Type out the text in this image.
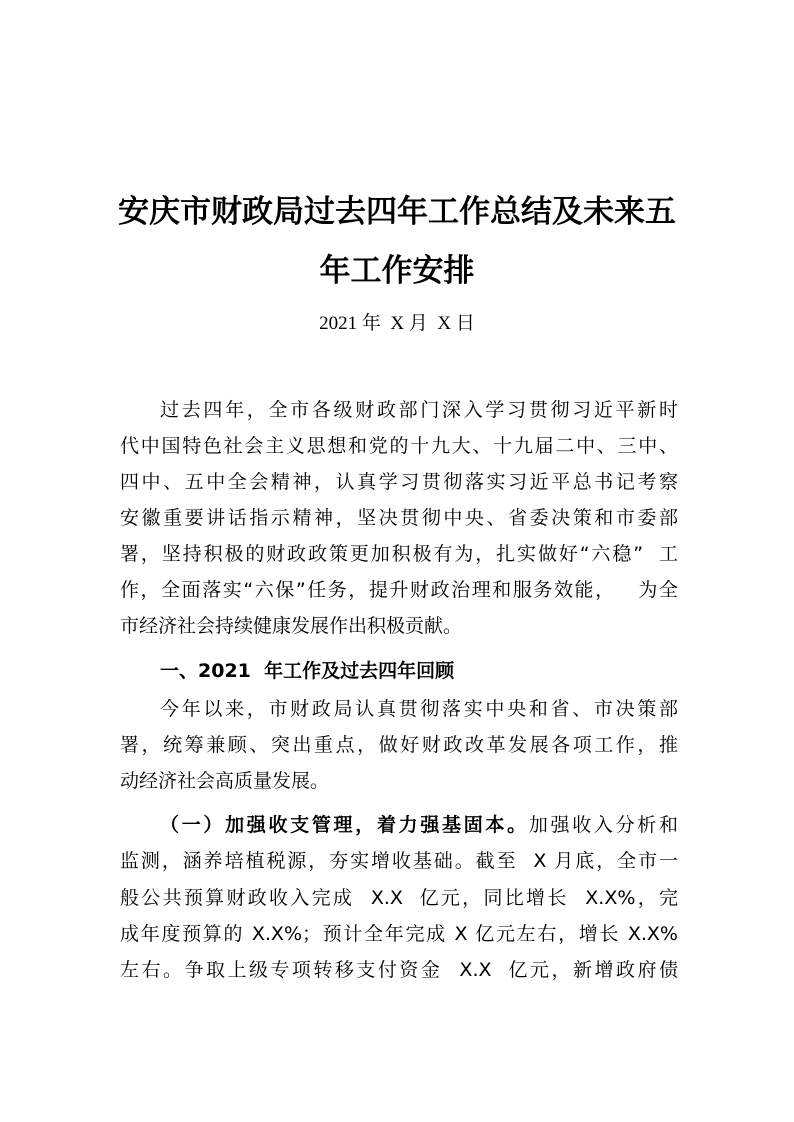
安庆市财政局过去四年工作总结及未来五
年工作安排
2021 年  X 月  X 日
过去四年，全市各级财政部门深入学习贯彻习近平新时
代中国特色社会主义思想和党的十九大、十九届二中、三中、
四中、五中全会精神，认真学习贯彻落实习近平总书记考察
安徽重要讲话指示精神，坚决贯彻中央、省委决策和市委部
署，坚持积极的财政政策更加积极有为，扎实做好“六稳”  工
作，全面落实“六保”任务，提升财政治理和服务效能，   为全
市经济社会持续健康发展作出积极贡献。
一、2021  年工作及过去四年回顾
今年以来，市财政局认真贯彻落实中央和省、市决策部
署，统筹兼顾、突出重点，做好财政改革发展各项工作，推
动经济社会高质量发展。
（一）加强收支管理，着力强基固本。加强收入分析和
监测，涵养培植税源，夯实增收基础。截至  X 月底，全市一
般公共预算财政收入完成  X.X  亿元，同比增长  X.X%，完
成年度预算的 X.X%；预计全年完成 X 亿元左右，增长 X.X%
左右。争取上级专项转移支付资金  X.X  亿元，新增政府债
